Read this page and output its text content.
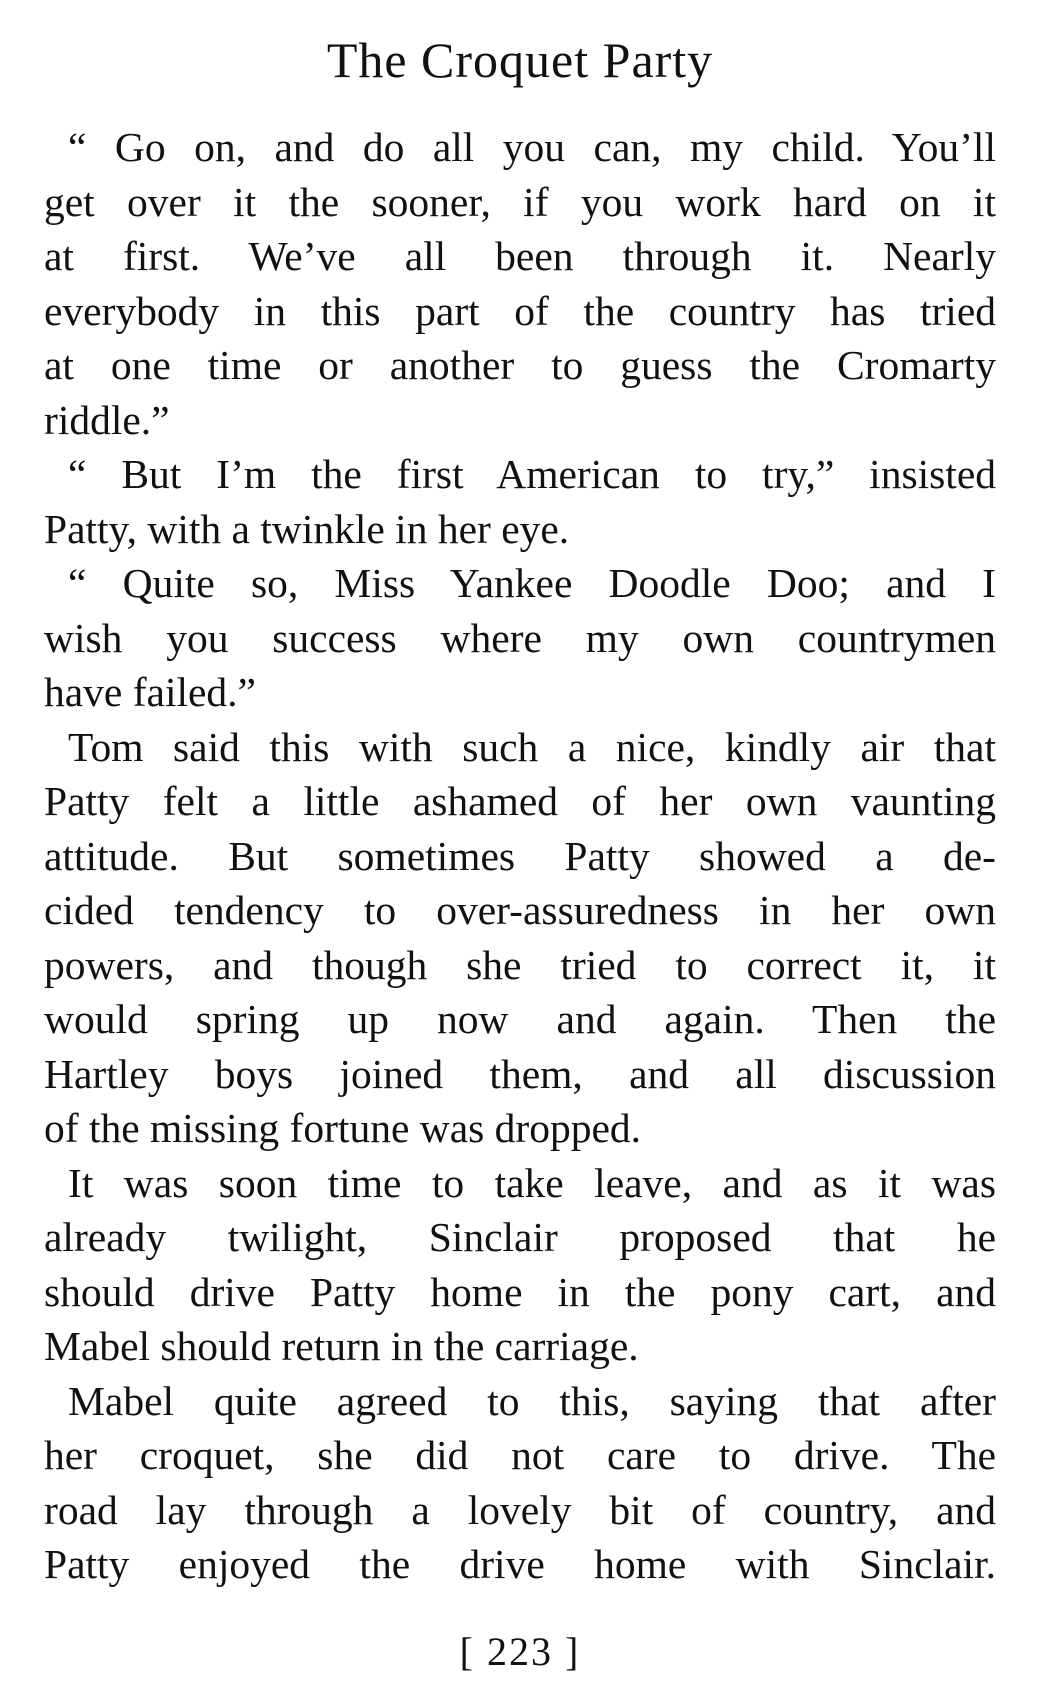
The Croquet Party
“ Go on, and do all you can, my child. You’ll
get over it the sooner, if you work hard on it
at first. We’ve all been through it. Nearly
everybody in this part of the country has tried
at one time or another to guess the Cromarty
riddle.”
“ But I’m the first American to try,” insisted
Patty, with a twinkle in her eye.
“ Quite so, Miss Yankee Doodle Doo; and I
wish you success where my own countrymen
have failed.”
Tom said this with such a nice, kindly air that
Patty felt a little ashamed of her own vaunting
attitude. But sometimes Patty showed a de-
cided tendency to over-assuredness in her own
powers, and though she tried to correct it, it
would spring up now and again. Then the
Hartley boys joined them, and all discussion
of the missing fortune was dropped.
It was soon time to take leave, and as it was
already twilight, Sinclair proposed that he
should drive Patty home in the pony cart, and
Mabel should return in the carriage.
Mabel quite agreed to this, saying that after
her croquet, she did not care to drive. The
road lay through a lovely bit of country, and
Patty enjoyed the drive home with Sinclair.
[ 223 ]
